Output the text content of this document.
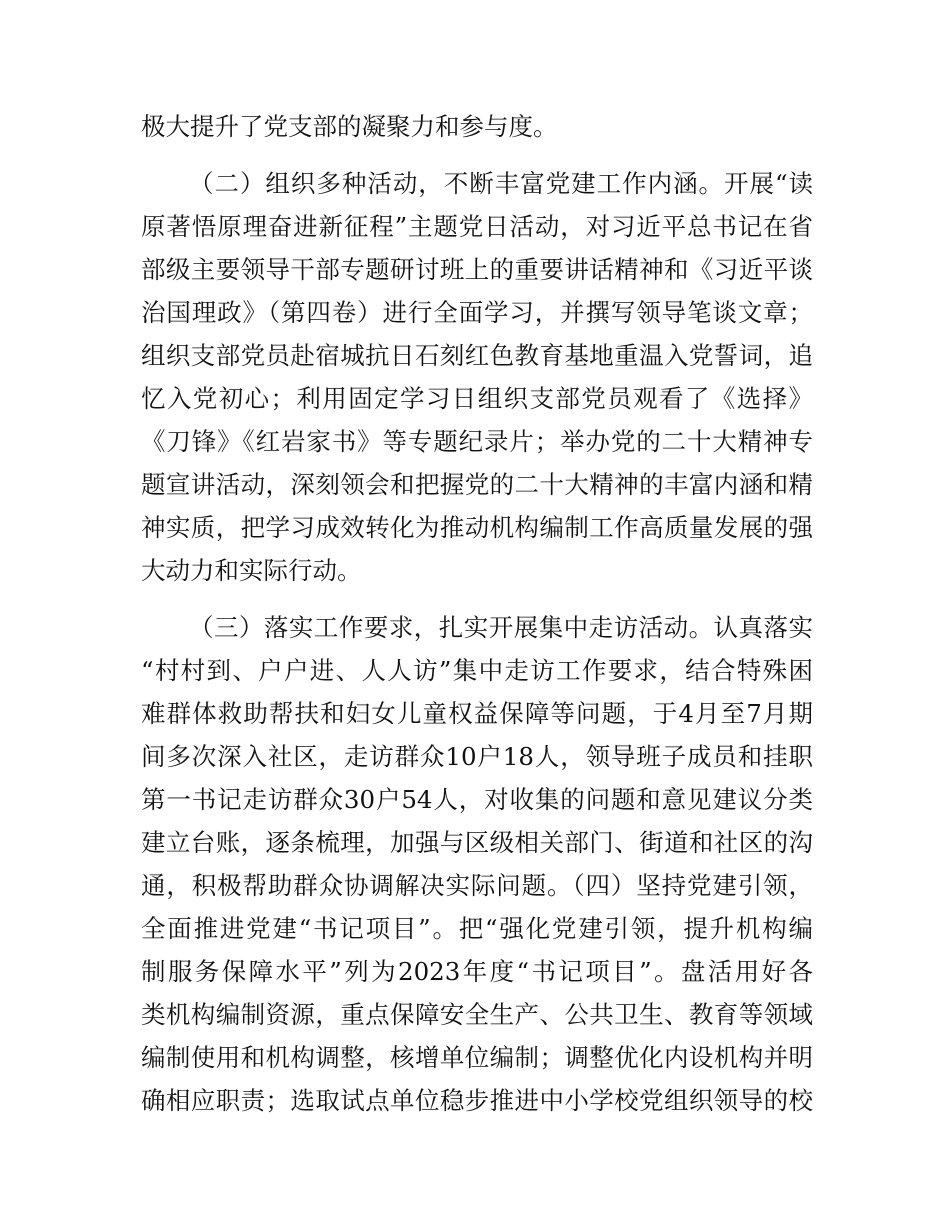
极大提升了党支部的凝聚力和参与度。
（二）组织多种活动，不断丰富党建工作内涵。开展“读
原著悟原理奋进新征程”主题党日活动，对习近平总书记在省
部级主要领导干部专题研讨班上的重要讲话精神和《习近平谈
治国理政》（第四卷）进行全面学习，并撰写领导笔谈文章；
组织支部党员赴宿城抗日石刻红色教育基地重温入党誓词，追
忆入党初心；利用固定学习日组织支部党员观看了《选择》
《刀锋》《红岩家书》等专题纪录片；举办党的二十大精神专
题宣讲活动，深刻领会和把握党的二十大精神的丰富内涵和精
神实质，把学习成效转化为推动机构编制工作高质量发展的强
大动力和实际行动。
（三）落实工作要求，扎实开展集中走访活动。认真落实
“村村到、户户进、人人访”集中走访工作要求，结合特殊困
难群体救助帮扶和妇女儿童权益保障等问题，于4月至7月期
间多次深入社区，走访群众10户18人，领导班子成员和挂职
第一书记走访群众30户54人，对收集的问题和意见建议分类
建立台账，逐条梳理，加强与区级相关部门、街道和社区的沟
通，积极帮助群众协调解决实际问题。（四）坚持党建引领，
全面推进党建“书记项目”。把“强化党建引领，提升机构编
制服务保障水平”列为2023年度“书记项目”。盘活用好各
类机构编制资源，重点保障安全生产、公共卫生、教育等领域
编制使用和机构调整，核增单位编制；调整优化内设机构并明
确相应职责；选取试点单位稳步推进中小学校党组织领导的校
